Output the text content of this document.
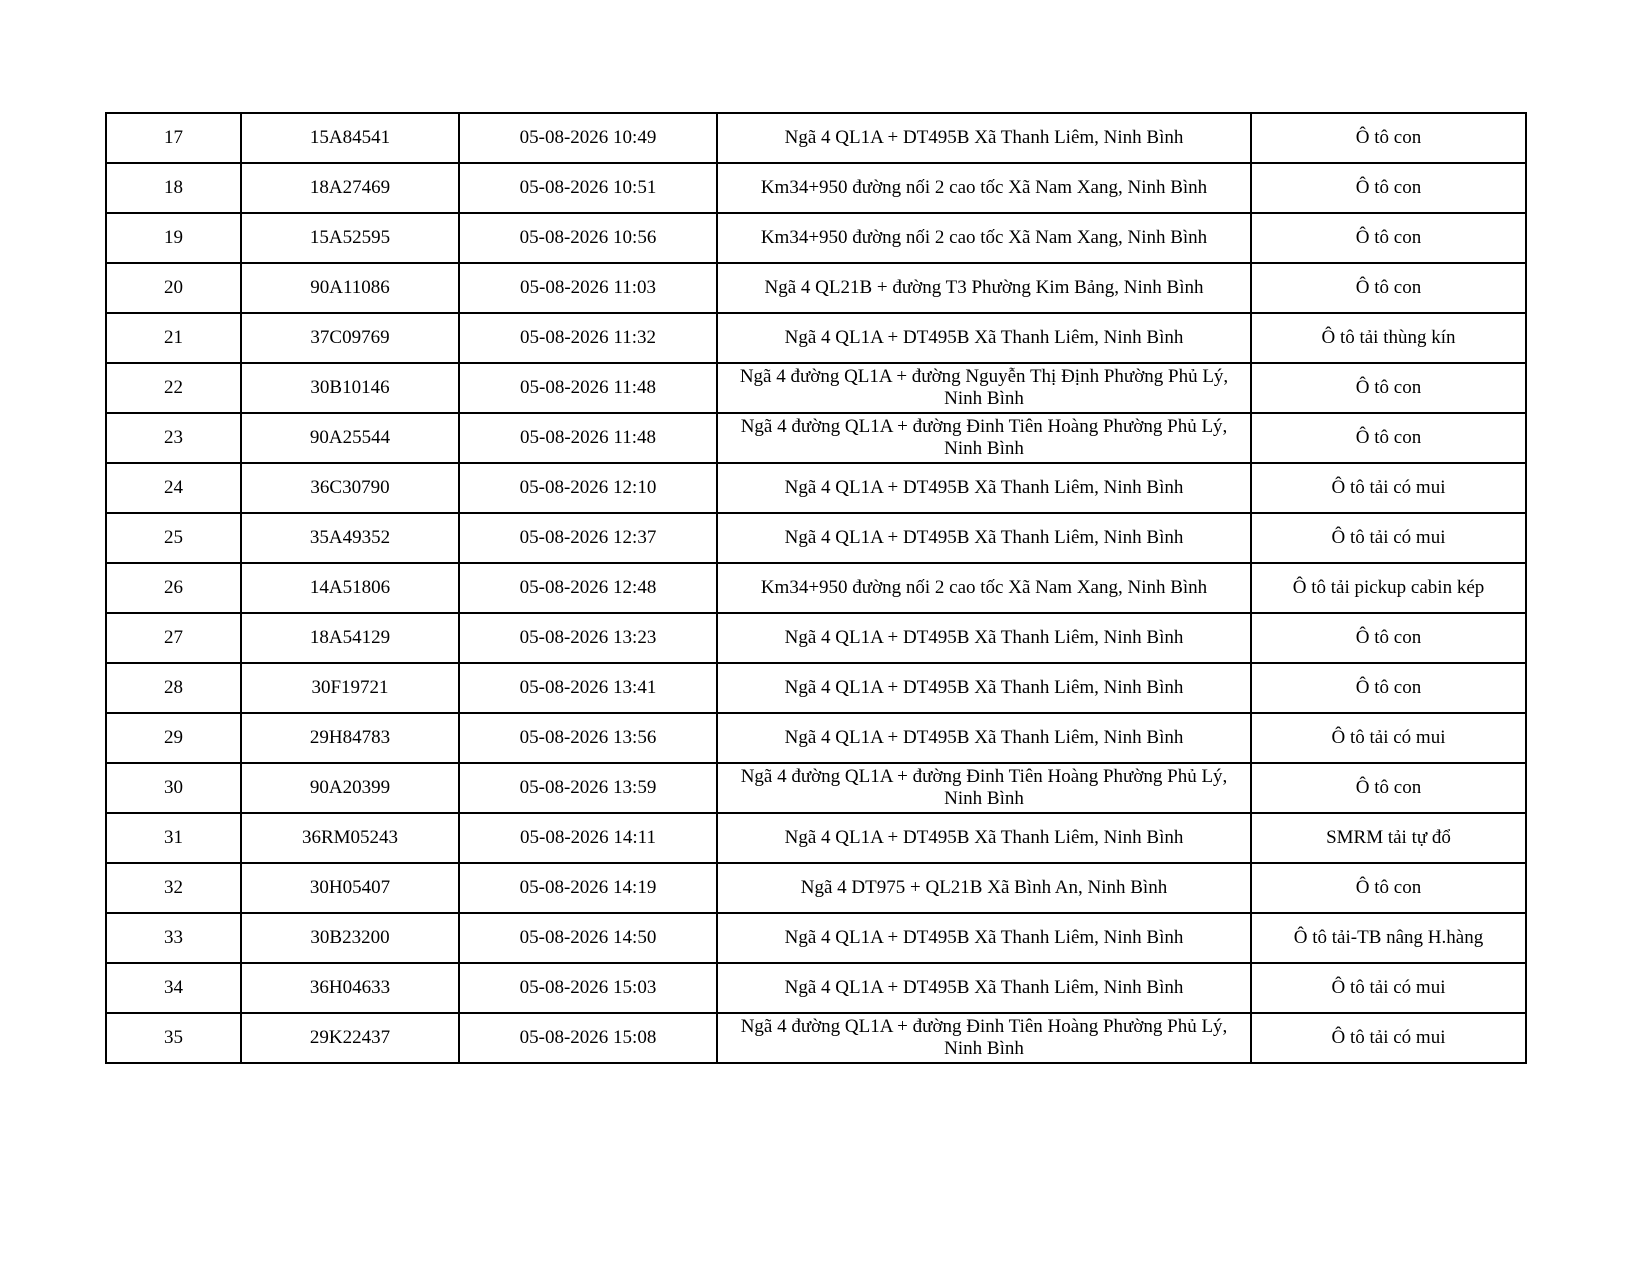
17	15A84541	05-08-2026 10:49	Ngã 4 QL1A + DT495B Xã Thanh Liêm, Ninh Bình	Ô tô con
18	18A27469	05-08-2026 10:51	Km34+950 đường nối 2 cao tốc Xã Nam Xang, Ninh Bình	Ô tô con
19	15A52595	05-08-2026 10:56	Km34+950 đường nối 2 cao tốc Xã Nam Xang, Ninh Bình	Ô tô con
20	90A11086	05-08-2026 11:03	Ngã 4 QL21B + đường T3 Phường Kim Bảng, Ninh Bình	Ô tô con
21	37C09769	05-08-2026 11:32	Ngã 4 QL1A + DT495B Xã Thanh Liêm, Ninh Bình	Ô tô tải thùng kín
22	30B10146	05-08-2026 11:48	Ngã 4 đường QL1A + đường Nguyễn Thị Định Phường Phủ Lý, Ninh Bình	Ô tô con
23	90A25544	05-08-2026 11:48	Ngã 4 đường QL1A + đường Đinh Tiên Hoàng Phường Phủ Lý, Ninh Bình	Ô tô con
24	36C30790	05-08-2026 12:10	Ngã 4 QL1A + DT495B Xã Thanh Liêm, Ninh Bình	Ô tô tải có mui
25	35A49352	05-08-2026 12:37	Ngã 4 QL1A + DT495B Xã Thanh Liêm, Ninh Bình	Ô tô tải có mui
26	14A51806	05-08-2026 12:48	Km34+950 đường nối 2 cao tốc Xã Nam Xang, Ninh Bình	Ô tô tải pickup cabin kép
27	18A54129	05-08-2026 13:23	Ngã 4 QL1A + DT495B Xã Thanh Liêm, Ninh Bình	Ô tô con
28	30F19721	05-08-2026 13:41	Ngã 4 QL1A + DT495B Xã Thanh Liêm, Ninh Bình	Ô tô con
29	29H84783	05-08-2026 13:56	Ngã 4 QL1A + DT495B Xã Thanh Liêm, Ninh Bình	Ô tô tải có mui
30	90A20399	05-08-2026 13:59	Ngã 4 đường QL1A + đường Đinh Tiên Hoàng Phường Phủ Lý, Ninh Bình	Ô tô con
31	36RM05243	05-08-2026 14:11	Ngã 4 QL1A + DT495B Xã Thanh Liêm, Ninh Bình	SMRM tải tự đổ
32	30H05407	05-08-2026 14:19	Ngã 4 DT975 + QL21B Xã Bình An, Ninh Bình	Ô tô con
33	30B23200	05-08-2026 14:50	Ngã 4 QL1A + DT495B Xã Thanh Liêm, Ninh Bình	Ô tô tải-TB nâng H.hàng
34	36H04633	05-08-2026 15:03	Ngã 4 QL1A + DT495B Xã Thanh Liêm, Ninh Bình	Ô tô tải có mui
35	29K22437	05-08-2026 15:08	Ngã 4 đường QL1A + đường Đinh Tiên Hoàng Phường Phủ Lý, Ninh Bình	Ô tô tải có mui
